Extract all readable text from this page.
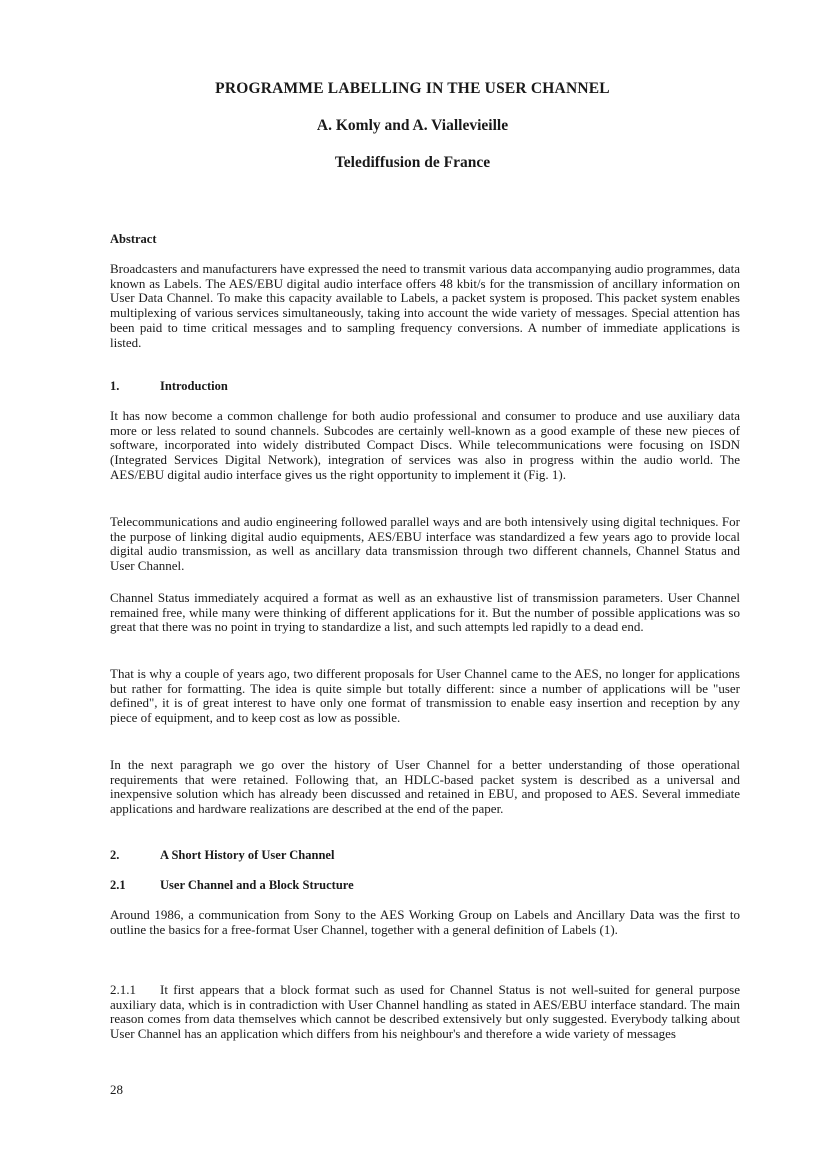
PROGRAMME LABELLING IN THE USER CHANNEL
A. Komly and A. Viallevieille
Telediffusion de France
Abstract

Broadcasters and manufacturers have expressed the need to transmit various data accompanying audio programmes, data known as Labels. The AES/EBU digital audio interface offers 48 kbit/s for the transmission of ancillary information on User Data Channel. To make this capacity available to Labels, a packet system is proposed. This packet system enables multiplexing of various services simultaneously, taking into account the wide variety of messages. Special attention has been paid to time critical messages and to sampling frequency conversions. A number of immediate applications is listed.

1.	Introduction

It has now become a common challenge for both audio professional and consumer to produce and use auxiliary data more or less related to sound channels. Subcodes are certainly well-known as a good example of these new pieces of software, incorporated into widely distributed Compact Discs. While telecommunications were focusing on ISDN (Integrated Services Digital Network), integration of services was also in progress within the audio world. The AES/EBU digital audio interface gives us the right opportunity to implement it (Fig. 1).

Telecommunications and audio engineering followed parallel ways and are both intensively using digital techniques. For the purpose of linking digital audio equipments, AES/EBU interface was standardized a few years ago to provide local digital audio transmission, as well as ancillary data transmission through two different channels, Channel Status and User Channel.

Channel Status immediately acquired a format as well as an exhaustive list of transmission parameters. User Channel remained free, while many were thinking of different applications for it. But the number of possible applications was so great that there was no point in trying to standardize a list, and such attempts led rapidly to a dead end.

That is why a couple of years ago, two different proposals for User Channel came to the AES, no longer for applications but rather for formatting. The idea is quite simple but totally different: since a number of applications will be "user defined", it is of great interest to have only one format of transmission to enable easy insertion and reception by any piece of equipment, and to keep cost as low as possible.

In the next paragraph we go over the history of User Channel for a better understanding of those operational requirements that were retained. Following that, an HDLC-based packet system is described as a universal and inexpensive solution which has already been discussed and retained in EBU, and proposed to AES. Several immediate applications and hardware realizations are described at the end of the paper.

2.	A Short History of User Channel
2.1	User Channel and a Block Structure

Around 1986, a communication from Sony to the AES Working Group on Labels and Ancillary Data was the first to outline the basics for a free-format User Channel, together with a general definition of Labels (1).

2.1.1 It first appears that a block format such as used for Channel Status is not well-suited for general purpose auxiliary data, which is in contradiction with User Channel handling as stated in AES/EBU interface standard. The main reason comes from data themselves which cannot be described extensively but only suggested. Everybody talking about User Channel has an application which differs from his neighbour's and therefore a wide variety of messages

28
